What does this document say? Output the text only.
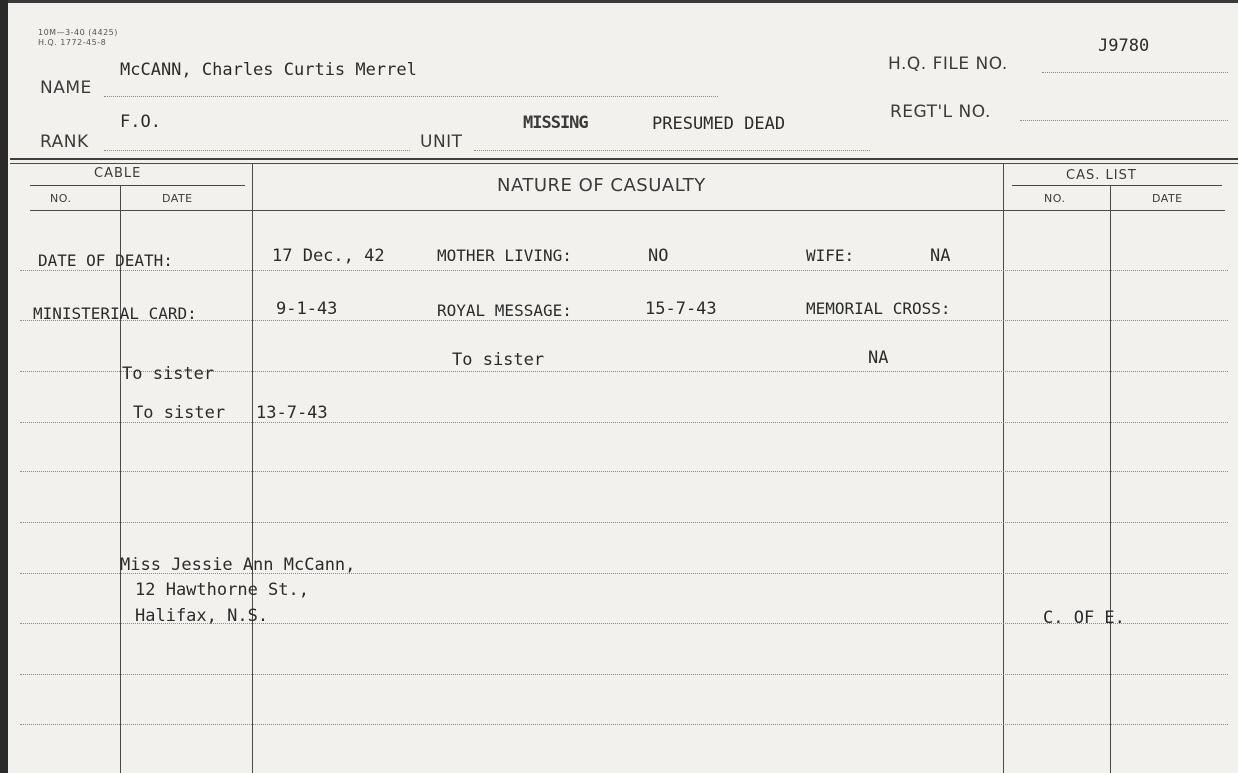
10M—3-40 (4425)
H.Q. 1772-45-8
NAME
McCANN, Charles Curtis Merrel
RANK
F.O.
UNIT
MISSING	PRESUMED DEAD
H.Q. FILE NO.
J9780
REGT'L NO.
CABLE
NO.	DATE
NATURE OF CASUALTY	CAS. LIST
NO.	DATE
DATE OF DEATH:	17 Dec., 42	MOTHER LIVING:	NO	WIFE:	NA
MINISTERIAL CARD:	9-1-43	ROYAL MESSAGE:	15-7-43	MEMORIAL CROSS:
To sister
To sister	NA
To sister 13-7-43
Miss Jessie Ann McCann,
12 Hawthorne St.,
Halifax, N.S.	C. OF E.
